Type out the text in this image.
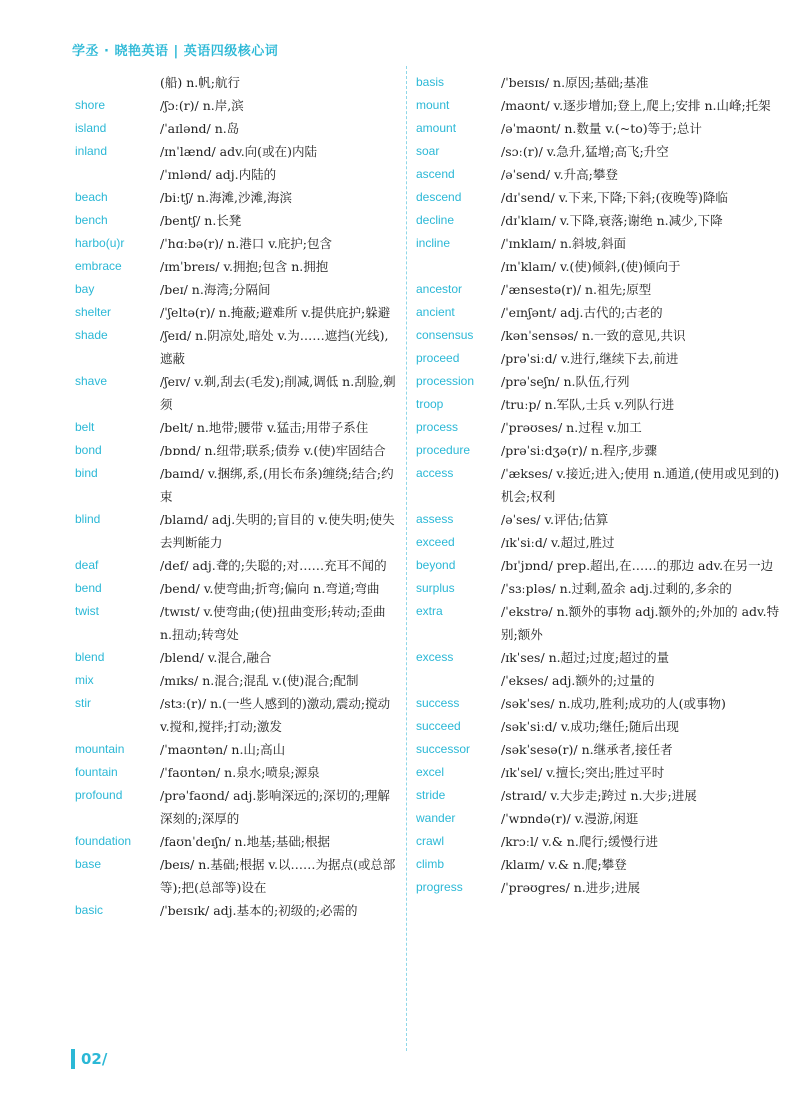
学丞 · 晓艳英语 | 英语四级核心词
(船) n.帆;航行
shore	/ʃɔː(r)/ n.岸,滨
island	/ˈaɪlənd/ n.岛
inland	/ɪnˈlænd/ adv.向(或在)内陆
/ˈɪnlənd/ adj.内陆的
beach	/biːtʃ/ n.海滩,沙滩,海滨
bench	/bentʃ/ n.长凳
harbo(u)r	/ˈhɑːbə(r)/ n.港口 v.庇护;包含
embrace	/ɪmˈbreɪs/ v.拥抱;包含 n.拥抱
bay	/beɪ/ n.海湾;分隔间
shelter	/ˈʃeltə(r)/ n.掩蔽;避难所 v.提供庇护;躲避
shade	/ʃeɪd/ n.阴凉处,暗处 v.为……遮挡(光线),遮蔽
shave	/ʃeɪv/ v.剃,刮去(毛发);削减,调低 n.刮脸,剃须
belt	/belt/ n.地带;腰带 v.猛击;用带子系住
bond	/bɒnd/ n.纽带;联系;债券 v.(使)牢固结合
bind	/baɪnd/ v.捆绑,系,(用长布条)缠绕;结合;约束
blind	/blaɪnd/ adj.失明的;盲目的 v.使失明;使失去判断能力
deaf	/def/ adj.聋的;失聪的;对……充耳不闻的
bend	/bend/ v.使弯曲;折弯;偏向 n.弯道;弯曲
twist	/twɪst/ v.使弯曲;(使)扭曲变形;转动;歪曲 n.扭动;转弯处
blend	/blend/ v.混合,融合
mix	/mɪks/ n.混合;混乱 v.(使)混合;配制
stir	/stɜː(r)/ n.(一些人感到的)激动,震动;搅动 v.搅和,搅拌;打动;激发
mountain	/ˈmaʊntən/ n.山;高山
fountain	/ˈfaʊntən/ n.泉水;喷泉;源泉
profound	/prəˈfaʊnd/ adj.影响深远的;深切的;理解深刻的;深厚的
foundation /faʊnˈdeɪʃn/ n.地基;基础;根据
base	/beɪs/ n.基础;根据 v.以……为据点(或总部等);把(总部等)设在
basic	/ˈbeɪsɪk/ adj.基本的;初级的;必需的
basis	/ˈbeɪsɪs/ n.原因;基础;基准
mount	/maʊnt/ v.逐步增加;登上,爬上;安排 n.山峰;托架
amount	/əˈmaʊnt/ n.数量 v.(~to)等于;总计
soar	/sɔː(r)/ v.急升,猛增;高飞;升空
ascend	/əˈsend/ v.升高;攀登
descend	/dɪˈsend/ v.下来,下降;下斜;(夜晚等)降临
decline	/dɪˈklaɪn/ v.下降,衰落;谢绝 n.减少,下降
incline	/ˈɪnklaɪn/ n.斜坡,斜面
/ɪnˈklaɪn/ v.(使)倾斜,(使)倾向于
ancestor	/ˈænsestə(r)/ n.祖先;原型
ancient	/ˈeɪnʃənt/ adj.古代的;古老的
consensus /kənˈsensəs/ n.一致的意见,共识
proceed	/prəˈsiːd/ v.进行,继续下去,前进
procession /prəˈseʃn/ n.队伍,行列
troop	/truːp/ n.军队,士兵 v.列队行进
process	/ˈprəʊses/ n.过程 v.加工
procedure /prəˈsiːdʒə(r)/ n.程序,步骤
access	/ˈækses/ v.接近;进入;使用 n.通道,(使用或见到的)机会;权利
assess	/əˈses/ v.评估;估算
exceed	/ɪkˈsiːd/ v.超过,胜过
beyond	/bɪˈjɒnd/ prep.超出,在……的那边 adv.在另一边
surplus	/ˈsɜːpləs/ n.过剩,盈余 adj.过剩的,多余的
extra	/ˈekstrə/ n.额外的事物 adj.额外的;外加的 adv.特别;额外
excess	/ɪkˈses/ n.超过;过度;超过的量
/ˈekses/ adj.额外的;过量的
success	/səkˈses/ n.成功,胜利;成功的人(或事物)
succeed	/səkˈsiːd/ v.成功;继任;随后出现
successor /səkˈsesə(r)/ n.继承者,接任者
excel	/ɪkˈsel/ v.擅长;突出;胜过平时
stride	/straɪd/ v.大步走;跨过 n.大步;进展
wander	/ˈwɒndə(r)/ v.漫游,闲逛
crawl	/krɔːl/ v.& n.爬行;缓慢行进
climb	/klaɪm/ v.& n.爬;攀登
progress	/ˈprəʊgres/ n.进步;进展
02/
